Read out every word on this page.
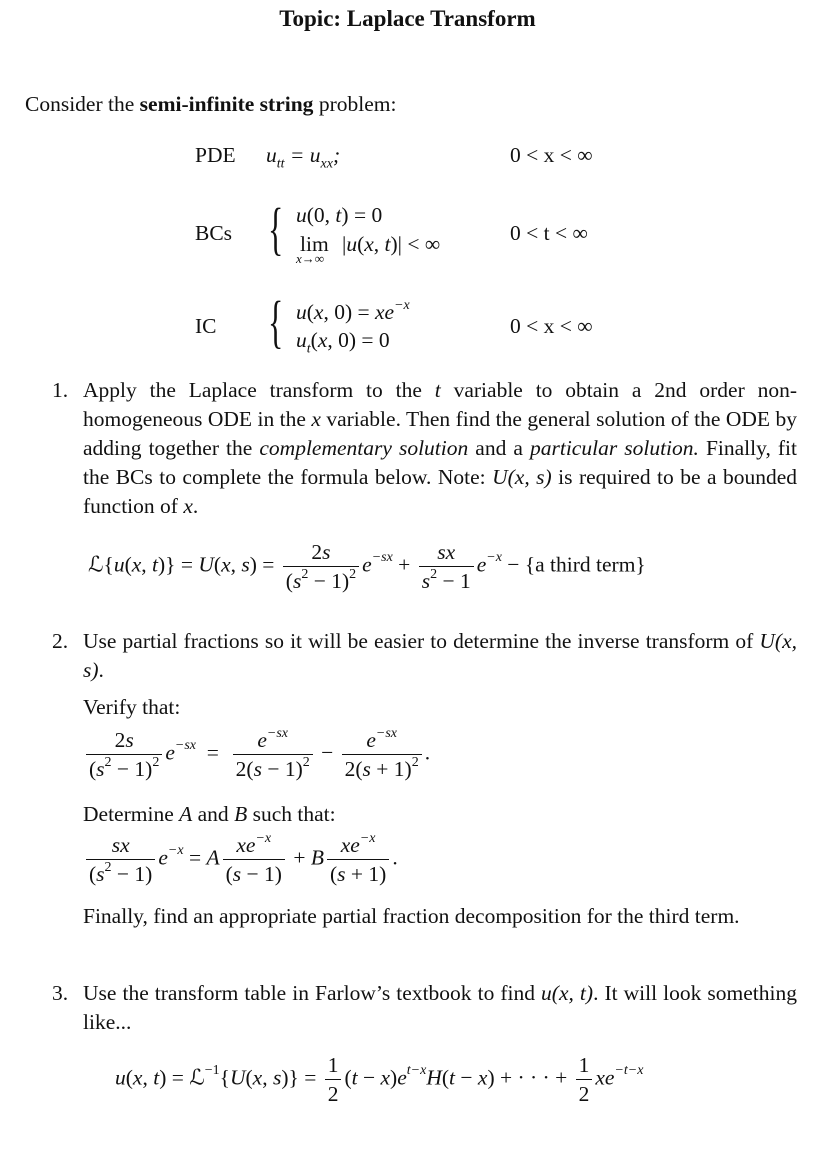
Topic: Laplace Transform
Consider the semi-infinite string problem:
PDE $u_{tt} = u_{xx}$;	0 < x < ∞
BCs { u(0, t) = 0
lim
x→∞
|u(x, t)| < ∞	0 < t < ∞
IC { u(x, $0) = xe^{-x}$
$u_t(x$, 0) = 0
0 < x < ∞
1. Apply the Laplace transform to the t variable to obtain a 2nd order non-homogeneous ODE in the x variable. Then find the general solution of the ODE by adding together the complementary solution and a particular solution. Finally, fit the BCs to complete the formula below. Note: U(x, s) is required to be a bounded function of x.
ℒ{u(x, t)} = U(x, $s) = \frac{2s}{(s^2 - 1)^2} e^{-sx} + \frac{sx}{s^2 - 1} e^{-x} - \{a$ third term}
2. Use partial fractions so it will be easier to determine the inverse transform of U(x, s).
Verify that:
$\frac{2s}{(s^2 - 1)^2} e^{-sx} = \frac{e^{-sx}}{2(s - 1)^2} - \frac{e^{-sx}}{2(s + 1)^2}$ .
Determine A and B such that:
$\frac{sx}{(s^2 - 1)} e^{-x} = A \frac{xe^{-x}}{(s - 1)} + B \frac{xe^{-x}}{(s + 1)}$ .
Finally, find an appropriate partial fraction decomposition for the third term.
3. Use the transform table in Farlow’s textbook to find u(x, t). It will look something like...
u(x, t) = ℒ$^{-1}${U(x, $s)\} = \frac{1}{2} (t - x)e^{t-x}H(t - x)$ + · · · + $\frac{1}{2} xe^{-t-x}$
